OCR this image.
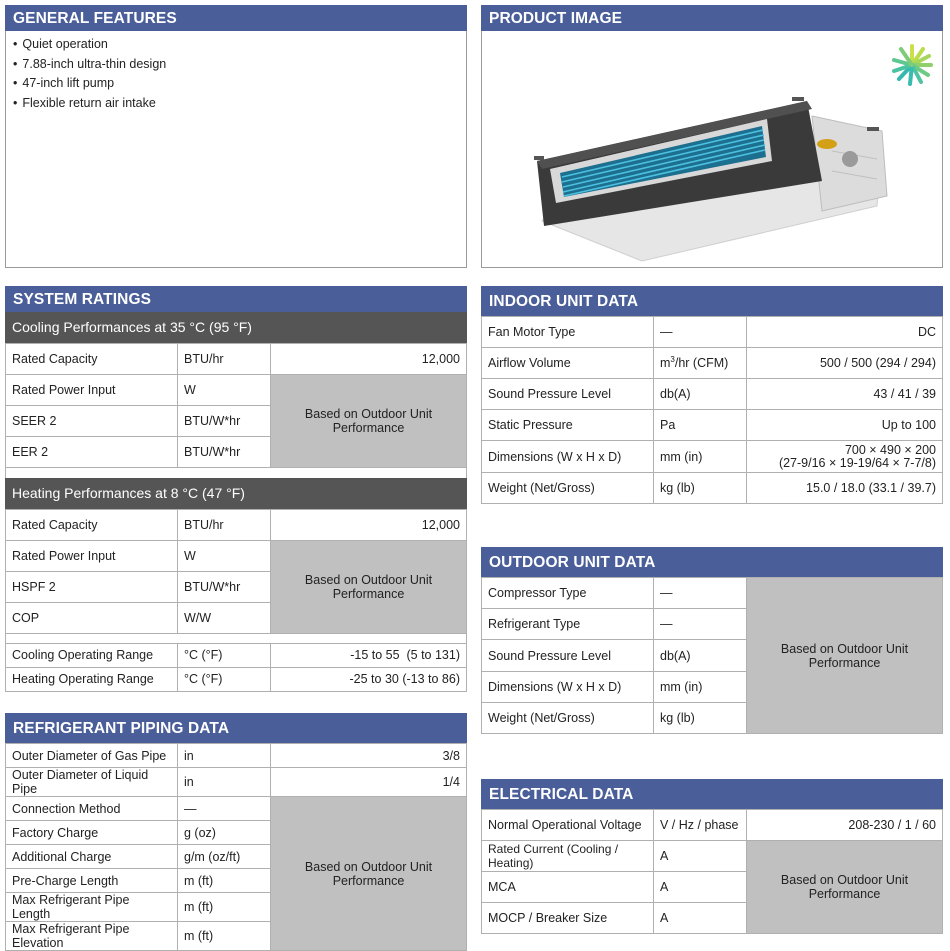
GENERAL FEATURES
• Quiet operation
• 7.88-inch ultra-thin design
• 47-inch lift pump
• Flexible return air intake
PRODUCT IMAGE
SYSTEM RATINGS
Cooling Performances at 35 °C (95 °F)
Rated Capacity	BTU/hr	12,000
Rated Power Input	W	Based on Outdoor Unit Performance
SEER 2	BTU/W*hr	
EER 2	BTU/W*hr	

Heating Performances at 8 °C (47 °F)
Rated Capacity	BTU/hr	12,000
Rated Power Input	W	Based on Outdoor Unit Performance
HSPF 2	BTU/W*hr	
COP	W/W	

Cooling Operating Range	°C (°F)	-15 to 55  (5 to 131)
Heating Operating Range	°C (°F)	-25 to 30 (-13 to 86)
REFRIGERANT PIPING DATA
Outer Diameter of Gas Pipe	in	3/8
Outer Diameter of Liquid Pipe	in	1/4
Connection Method	—	Based on Outdoor Unit Performance
Factory Charge	g (oz)	
Additional Charge	g/m (oz/ft)	
Pre-Charge Length	m (ft)	
Max Refrigerant Pipe Length	m (ft)	
Max Refrigerant Pipe Elevation	m (ft)	
INDOOR UNIT DATA
Fan Motor Type	—	DC
Airflow Volume	$m^3/hr$ (CFM)	500 / 500 (294 / 294)
Sound Pressure Level	db(A)	43 / 41 / 39
Static Pressure	Pa	Up to 100
Dimensions (W x H x D)	mm (in)	700 × 490 × 200
(27-9/16 × 19-19/64 × 7-7/8)

Weight (Net/Gross)	kg (lb)	15.0 / 18.0 (33.1 / 39.7)
OUTDOOR UNIT DATA
Compressor Type	—	Based on Outdoor Unit Performance
Refrigerant Type	—	
Sound Pressure Level	db(A)	
Dimensions (W x H x D)	mm (in)	
Weight (Net/Gross)	kg (lb)	
ELECTRICAL DATA
Normal Operational Voltage	V / Hz / phase	208-230 / 1 / 60
Rated Current (Cooling / Heating)	A	Based on Outdoor Unit Performance
MCA	A	
MOCP / Breaker Size	A	
